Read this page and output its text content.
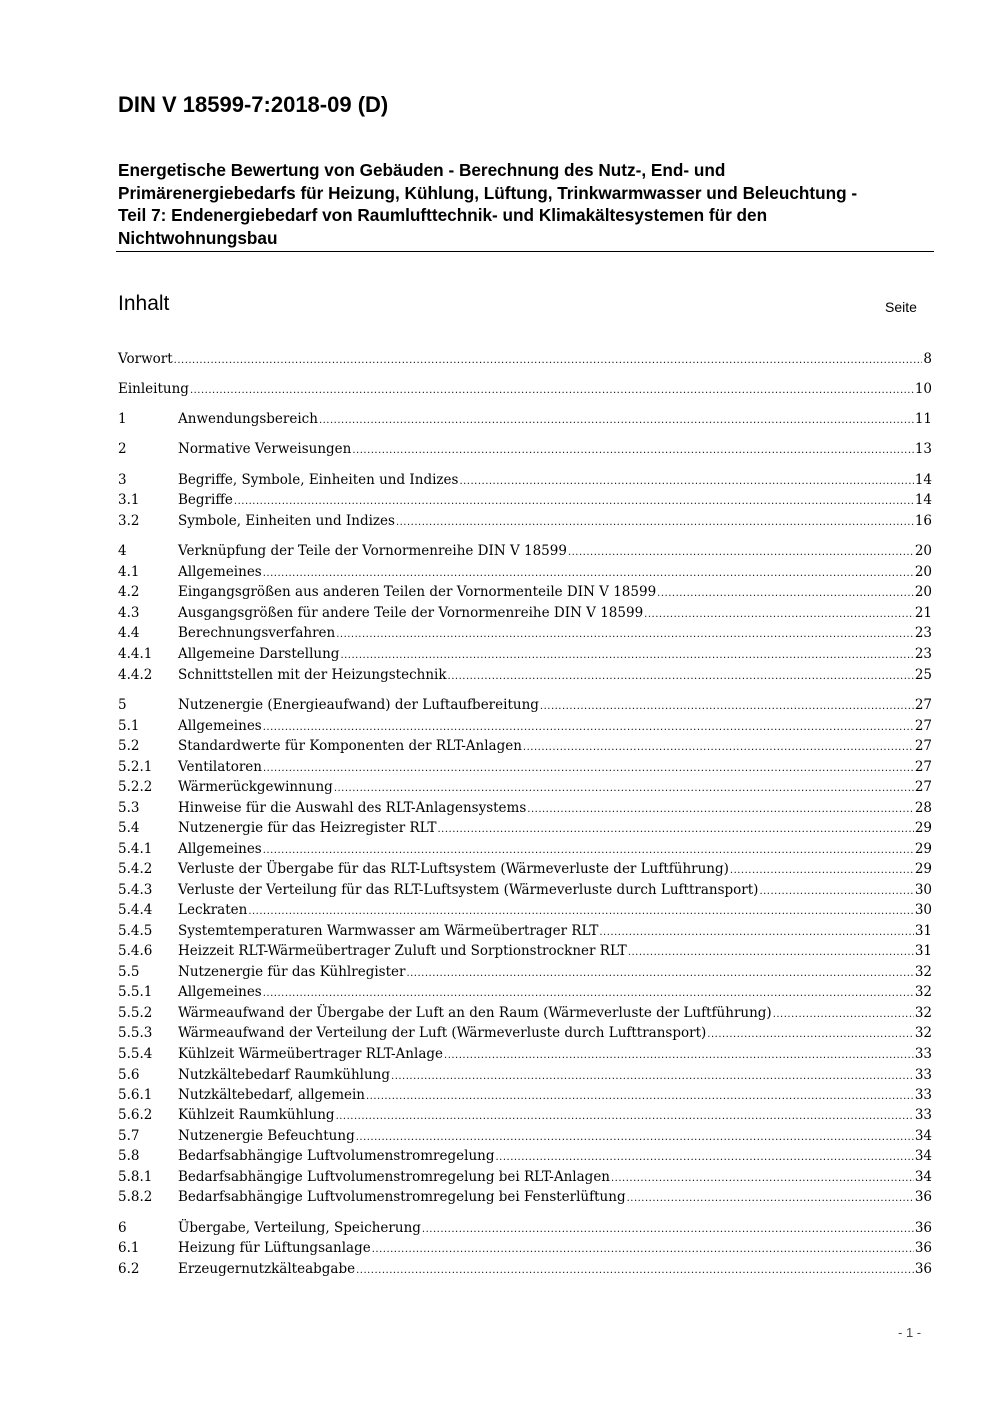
DIN V 18599-7:2018-09 (D)
Energetische Bewertung von Gebäuden - Berechnung des Nutz-, End- und Primärenergiebedarfs für Heizung, Kühlung, Lüftung, Trinkwarmwasser und Beleuchtung - Teil 7: Endenergiebedarf von Raumlufttechnik- und Klimakältesystemen für den Nichtwohnungsbau
Inhalt	Seite
Vorwort .....	8
Einleitung .....	10
1	Anwendungsbereich .....	11
2	Normative Verweisungen .....	13
3	Begriffe, Symbole, Einheiten und Indizes .....	14
3.1	Begriffe .....	14
3.2	Symbole, Einheiten und Indizes .....	16
4	Verknüpfung der Teile der Vornormenreihe DIN V 18599 .....	20
4.1	Allgemeines .....	20
4.2	Eingangsgrößen aus anderen Teilen der Vornormenteile DIN V 18599 .....	20
4.3	Ausgangsgrößen für andere Teile der Vornormenreihe DIN V 18599 .....	21
4.4	Berechnungsverfahren .....	23
4.4.1	Allgemeine Darstellung .....	23
4.4.2	Schnittstellen mit der Heizungstechnik .....	25
5	Nutzenergie (Energieaufwand) der Luftaufbereitung .....	27
5.1	Allgemeines .....	27
5.2	Standardwerte für Komponenten der RLT-Anlagen .....	27
5.2.1	Ventilatoren .....	27
5.2.2	Wärmerückgewinnung .....	27
5.3	Hinweise für die Auswahl des RLT-Anlagensystems .....	28
5.4	Nutzenergie für das Heizregister RLT .....	29
5.4.1	Allgemeines .....	29
5.4.2	Verluste der Übergabe für das RLT-Luftsystem (Wärmeverluste der Luftführung) .....	29
5.4.3	Verluste der Verteilung für das RLT-Luftsystem (Wärmeverluste durch Lufttransport) .....	30
5.4.4	Leckraten .....	30
5.4.5	Systemtemperaturen Warmwasser am Wärmeübertrager RLT .....	31
5.4.6	Heizzeit RLT-Wärmeübertrager Zuluft und Sorptionstrockner RLT .....	31
5.5	Nutzenergie für das Kühlregister .....	32
5.5.1	Allgemeines .....	32
5.5.2	Wärmeaufwand der Übergabe der Luft an den Raum (Wärmeverluste der Luftführung) .....	32
5.5.3	Wärmeaufwand der Verteilung der Luft (Wärmeverluste durch Lufttransport) .....	32
5.5.4	Kühlzeit Wärmeübertrager RLT-Anlage .....	33
5.6	Nutzkältebedarf Raumkühlung .....	33
5.6.1	Nutzkältebedarf, allgemein .....	33
5.6.2	Kühlzeit Raumkühlung .....	33
5.7	Nutzenergie Befeuchtung .....	34
5.8	Bedarfsabhängige Luftvolumenstromregelung .....	34
5.8.1	Bedarfsabhängige Luftvolumenstromregelung bei RLT-Anlagen .....	34
5.8.2	Bedarfsabhängige Luftvolumenstromregelung bei Fensterlüftung .....	36
6	Übergabe, Verteilung, Speicherung .....	36
6.1	Heizung für Lüftungsanlage .....	36
6.2	Erzeugernutzkälteabgabe .....	36
- 1 -
